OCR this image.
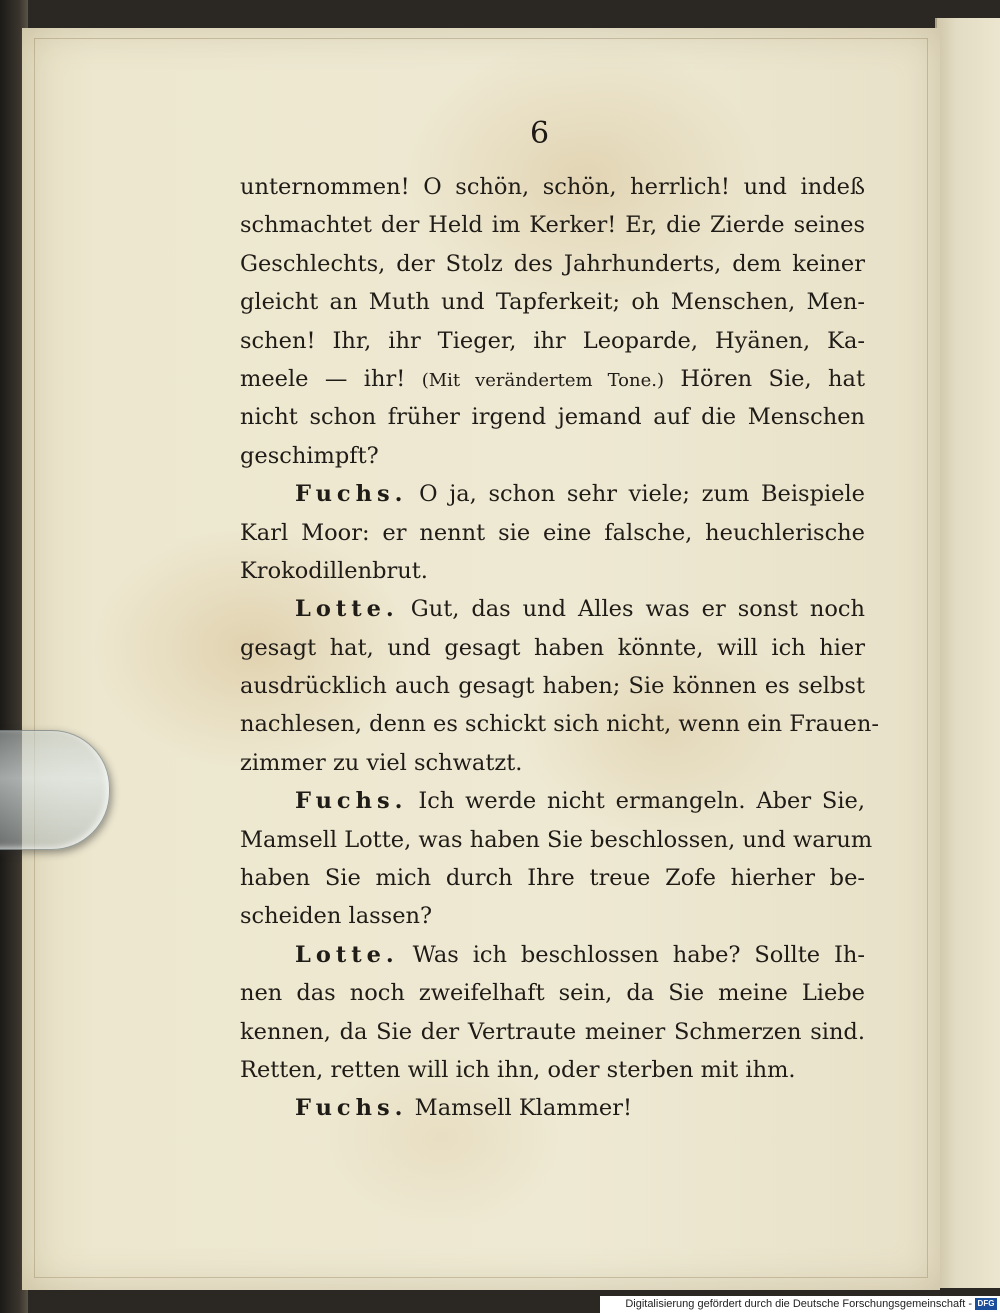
6
unternommen! O schön, schön, herrlich! und indeß
schmachtet der Held im Kerker! Er, die Zierde seines
Geschlechts, der Stolz des Jahrhunderts, dem keiner
gleicht an Muth und Tapferkeit; oh Menschen, Men-
schen! Ihr, ihr Tieger, ihr Leoparde, Hyänen, Ka-
meele — ihr! (Mit verändertem Tone.) Hören Sie, hat
nicht schon früher irgend jemand auf die Menschen
geschimpft?
Fuchs. O ja, schon sehr viele; zum Beispiele
Karl Moor: er nennt sie eine falsche, heuchlerische
Krokodillenbrut.
Lotte. Gut, das und Alles was er sonst noch
gesagt hat, und gesagt haben könnte, will ich hier
ausdrücklich auch gesagt haben; Sie können es selbst
nachlesen, denn es schickt sich nicht, wenn ein Frauen-
zimmer zu viel schwatzt.
Fuchs. Ich werde nicht ermangeln. Aber Sie,
Mamsell Lotte, was haben Sie beschlossen, und warum
haben Sie mich durch Ihre treue Zofe hierher be-
scheiden lassen?
Lotte. Was ich beschlossen habe? Sollte Ih-
nen das noch zweifelhaft sein, da Sie meine Liebe
kennen, da Sie der Vertraute meiner Schmerzen sind.
Retten, retten will ich ihn, oder sterben mit ihm.
Fuchs. Mamsell Klammer!
Digitalisierung gefördert durch die Deutsche Forschungsgemeinschaft - DFG
